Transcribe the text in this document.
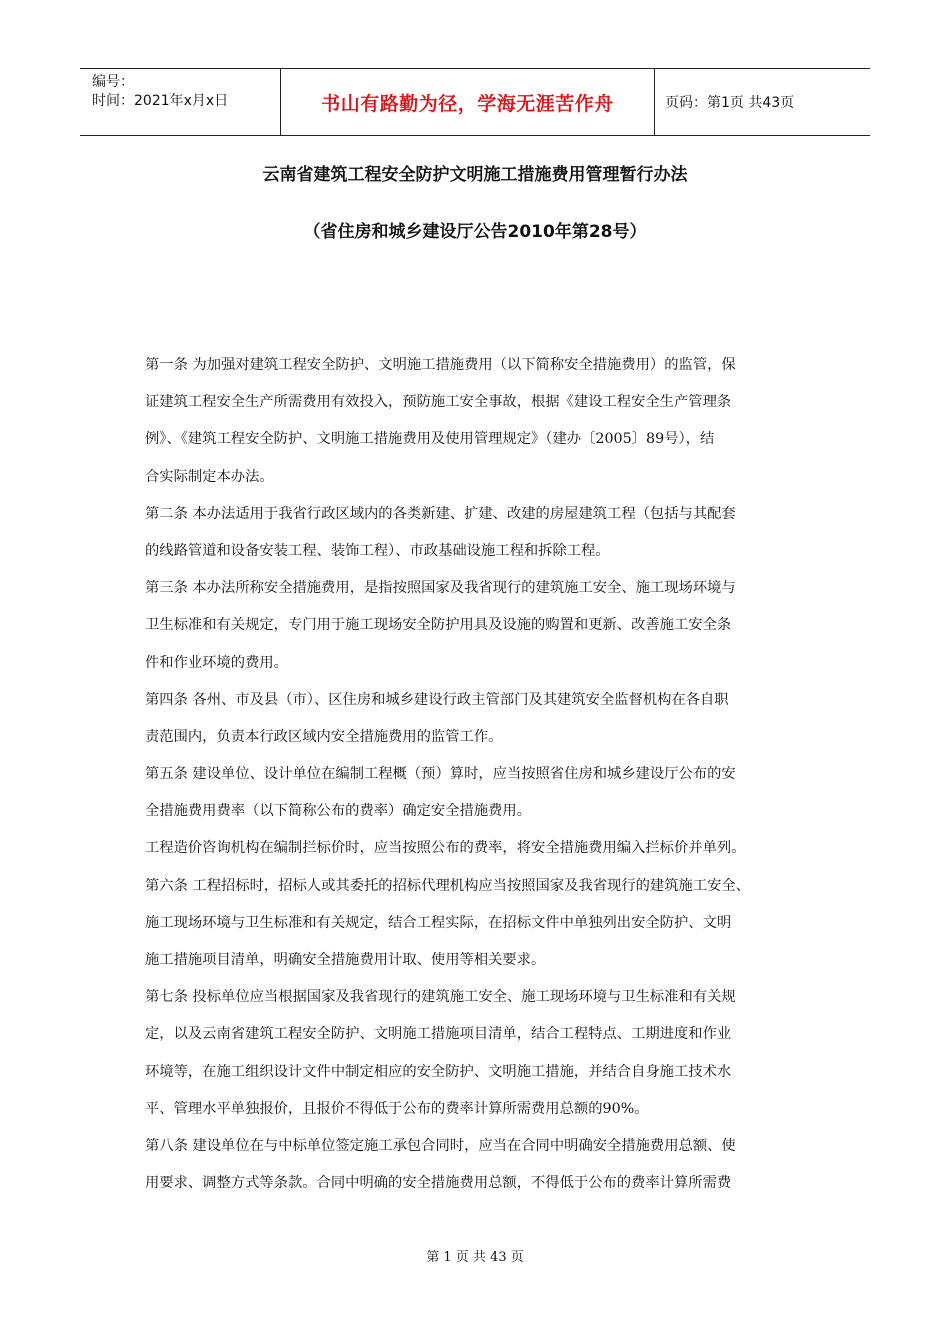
编号：
时间：2021年x月x日	书山有路勤为径，学海无涯苦作舟	页码：第1页 共43页
云南省建筑工程安全防护文明施工措施费用管理暂行办法
（省住房和城乡建设厅公告2010年第28号）
第一条 为加强对建筑工程安全防护、文明施工措施费用（以下简称安全措施费用）的监管，保
证建筑工程安全生产所需费用有效投入，预防施工安全事故，根据《建设工程安全生产管理条
例》、《建筑工程安全防护、文明施工措施费用及使用管理规定》（建办〔2005〕89号），结
合实际制定本办法。
第二条 本办法适用于我省行政区域内的各类新建、扩建、改建的房屋建筑工程（包括与其配套
的线路管道和设备安装工程、装饰工程）、市政基础设施工程和拆除工程。
第三条 本办法所称安全措施费用，是指按照国家及我省现行的建筑施工安全、施工现场环境与
卫生标准和有关规定，专门用于施工现场安全防护用具及设施的购置和更新、改善施工安全条
件和作业环境的费用。
第四条 各州、市及县（市）、区住房和城乡建设行政主管部门及其建筑安全监督机构在各自职
责范围内，负责本行政区域内安全措施费用的监管工作。
第五条 建设单位、设计单位在编制工程概（预）算时，应当按照省住房和城乡建设厅公布的安
全措施费用费率（以下简称公布的费率）确定安全措施费用。
工程造价咨询机构在编制拦标价时，应当按照公布的费率，将安全措施费用编入拦标价并单列。
第六条 工程招标时，招标人或其委托的招标代理机构应当按照国家及我省现行的建筑施工安全、
施工现场环境与卫生标准和有关规定，结合工程实际，在招标文件中单独列出安全防护、文明
施工措施项目清单，明确安全措施费用计取、使用等相关要求。
第七条 投标单位应当根据国家及我省现行的建筑施工安全、施工现场环境与卫生标准和有关规
定，以及云南省建筑工程安全防护、文明施工措施项目清单，结合工程特点、工期进度和作业
环境等，在施工组织设计文件中制定相应的安全防护、文明施工措施，并结合自身施工技术水
平、管理水平单独报价，且报价不得低于公布的费率计算所需费用总额的90%。
第八条 建设单位在与中标单位签定施工承包合同时，应当在合同中明确安全措施费用总额、使
用要求、调整方式等条款。合同中明确的安全措施费用总额，不得低于公布的费率计算所需费
第 1 页 共 43 页
